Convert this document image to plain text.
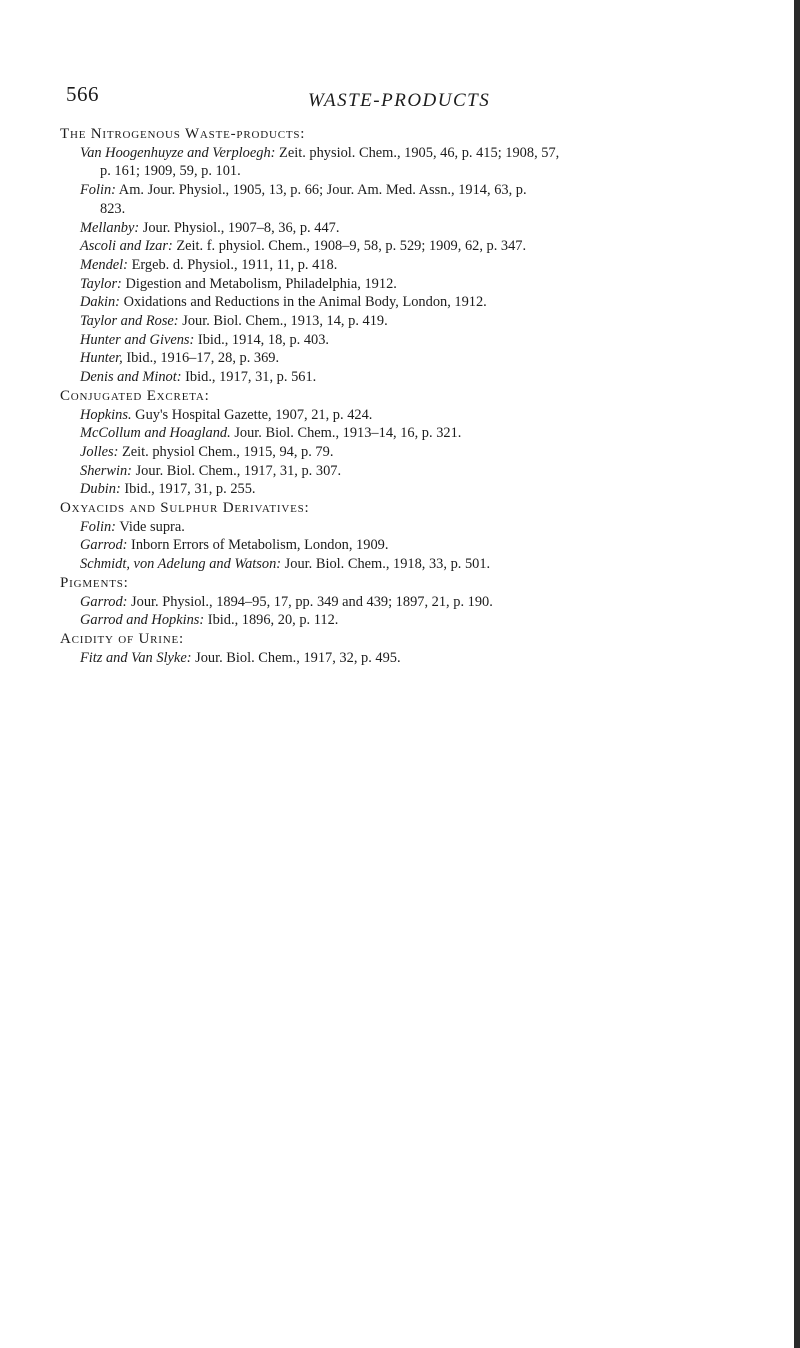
566	WASTE-PRODUCTS
The Nitrogenous Waste-products:
Van Hoogenhuyze and Verploegh: Zeit. physiol. Chem., 1905, 46, p. 415; 1908, 57,
p. 161; 1909, 59, p. 101.
Folin: Am. Jour. Physiol., 1905, 13, p. 66; Jour. Am. Med. Assn., 1914, 63, p.
823.
Mellanby: Jour. Physiol., 1907–8, 36, p. 447.
Ascoli and Izar: Zeit. f. physiol. Chem., 1908–9, 58, p. 529; 1909, 62, p. 347.
Mendel: Ergeb. d. Physiol., 1911, 11, p. 418.
Taylor: Digestion and Metabolism, Philadelphia, 1912.
Dakin: Oxidations and Reductions in the Animal Body, London, 1912.
Taylor and Rose: Jour. Biol. Chem., 1913, 14, p. 419.
Hunter and Givens: Ibid., 1914, 18, p. 403.
Hunter, Ibid., 1916–17, 28, p. 369.
Denis and Minot: Ibid., 1917, 31, p. 561.
Conjugated Excreta:
Hopkins. Guy's Hospital Gazette, 1907, 21, p. 424.
McCollum and Hoagland. Jour. Biol. Chem., 1913–14, 16, p. 321.
Jolles: Zeit. physiol Chem., 1915, 94, p. 79.
Sherwin: Jour. Biol. Chem., 1917, 31, p. 307.
Dubin: Ibid., 1917, 31, p. 255.
Oxyacids and Sulphur Derivatives:
Folin: Vide supra.
Garrod: Inborn Errors of Metabolism, London, 1909.
Schmidt, von Adelung and Watson: Jour. Biol. Chem., 1918, 33, p. 501.
Pigments:
Garrod: Jour. Physiol., 1894–95, 17, pp. 349 and 439; 1897, 21, p. 190.
Garrod and Hopkins: Ibid., 1896, 20, p. 112.
Acidity of Urine:
Fitz and Van Slyke: Jour. Biol. Chem., 1917, 32, p. 495.
